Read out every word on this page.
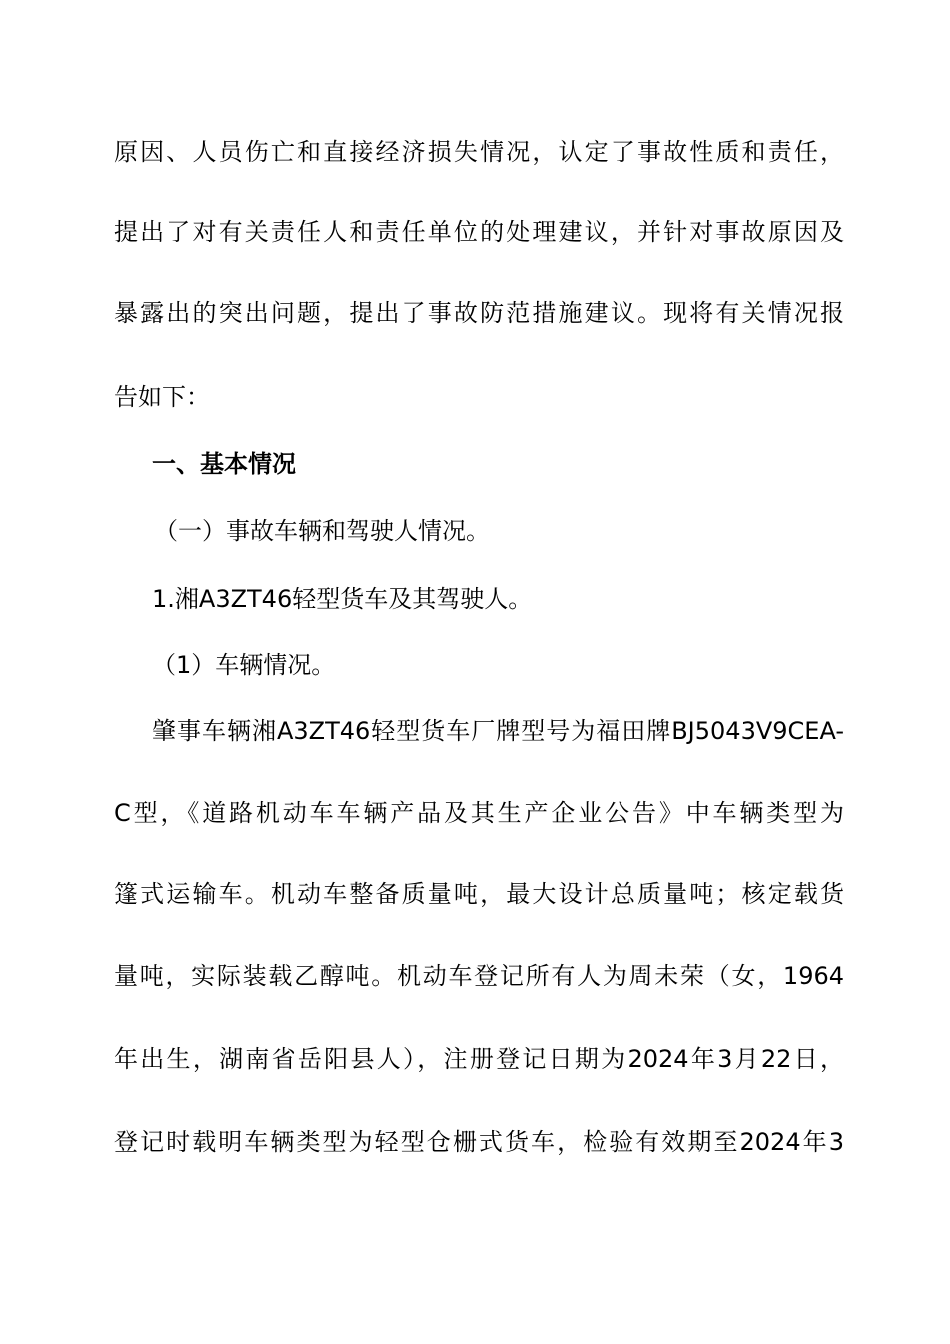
原因、人员伤亡和直接经济损失情况，认定了事故性质和责任，
提出了对有关责任人和责任单位的处理建议，并针对事故原因及
暴露出的突出问题，提出了事故防范措施建议。现将有关情况报
告如下：
一、基本情况
（一）事故车辆和驾驶人情况。
1.湘A3ZT46轻型货车及其驾驶人。
（1）车辆情况。
肇事车辆湘A3ZT46轻型货车厂牌型号为福田牌BJ5043V9CEA-
C型，《道路机动车车辆产品及其生产企业公告》中车辆类型为
篷式运输车。机动车整备质量吨，最大设计总质量吨；核定载货
量吨，实际装载乙醇吨。机动车登记所有人为周未荣（女，1964
年出生，湖南省岳阳县人），注册登记日期为2024年3月22日，
登记时载明车辆类型为轻型仓栅式货车，检验有效期至2024年3
